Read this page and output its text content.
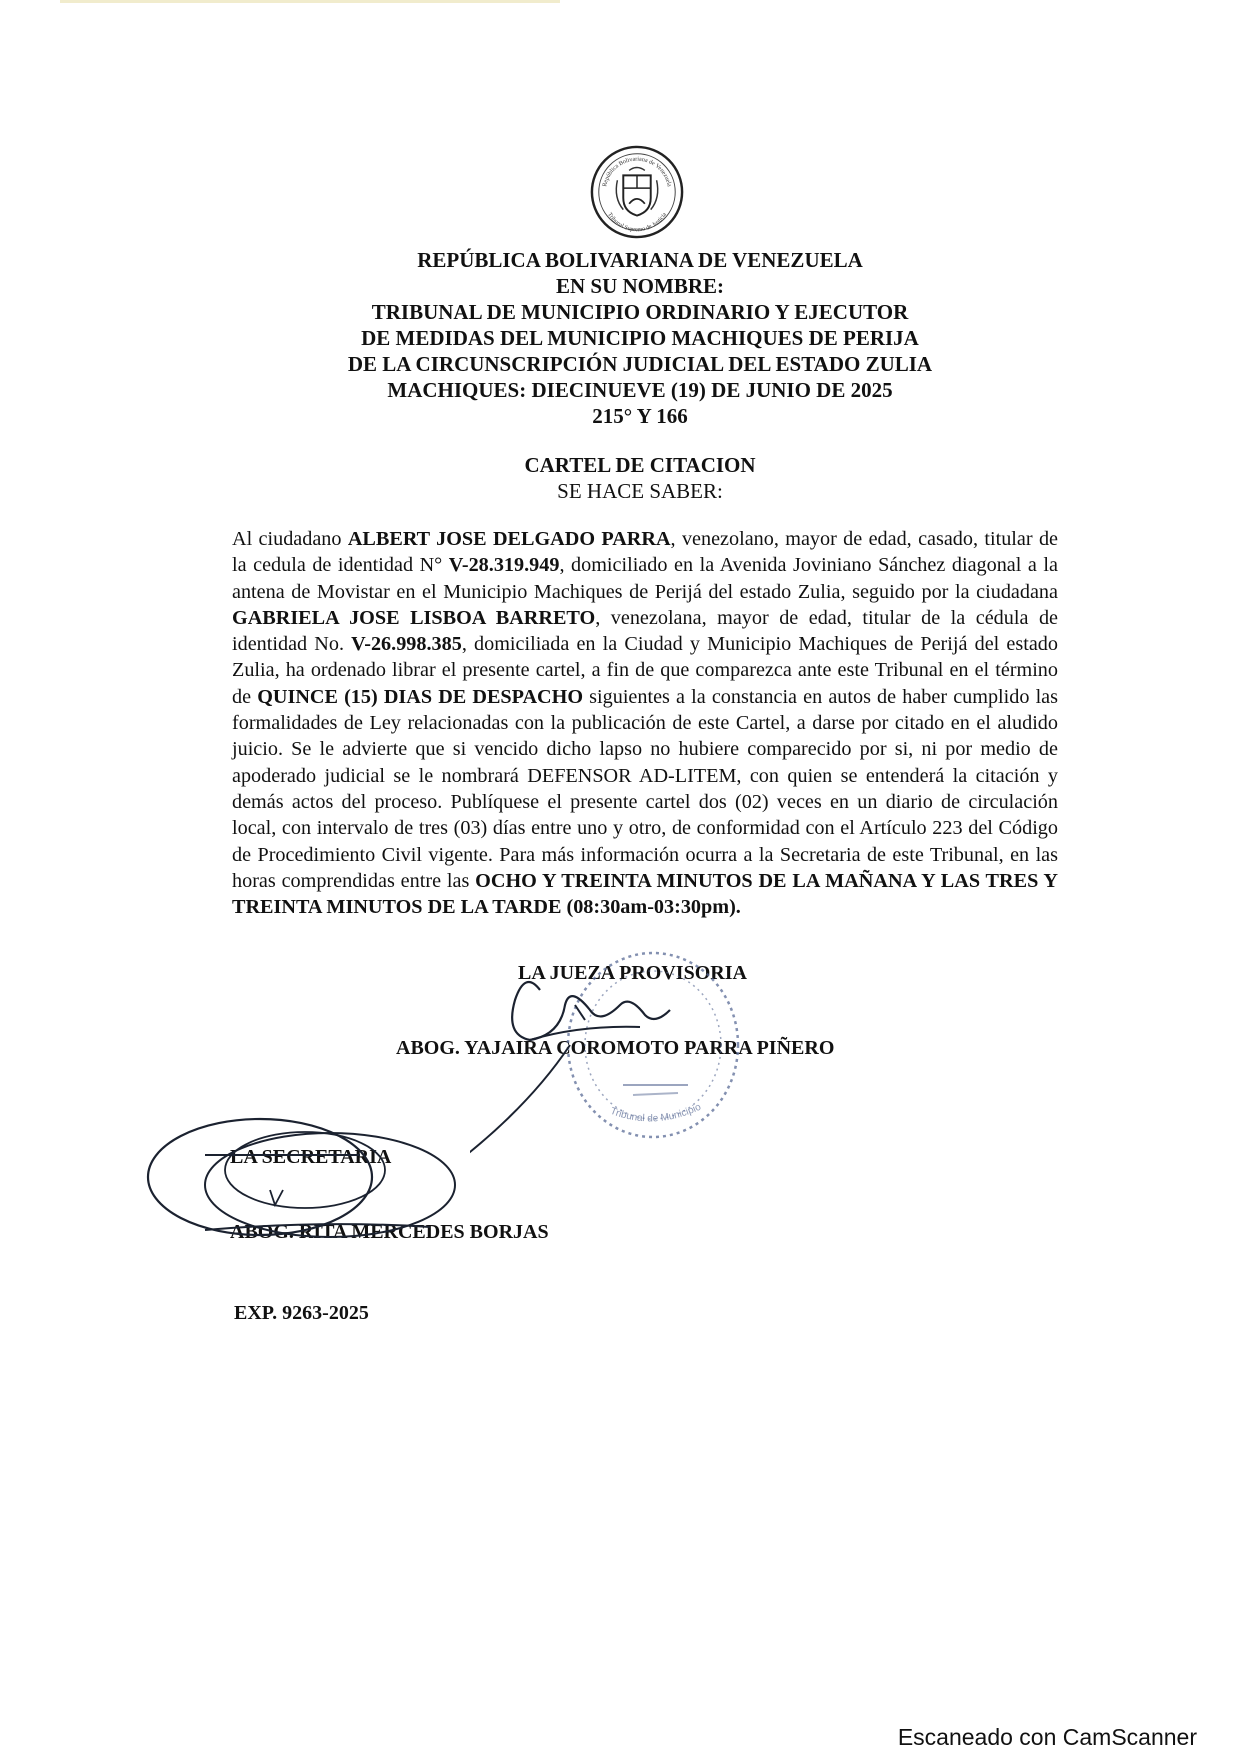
República Bolivariana de Venezuela
Tribunal Supremo de Justicia
REPÚBLICA BOLIVARIANA DE VENEZUELA
EN SU NOMBRE:
TRIBUNAL DE MUNICIPIO ORDINARIO Y EJECUTOR
DE MEDIDAS DEL MUNICIPIO MACHIQUES DE PERIJA
DE LA CIRCUNSCRIPCIÓN JUDICIAL DEL ESTADO ZULIA
MACHIQUES: DIECINUEVE (19) DE JUNIO DE 2025
215° Y 166
CARTEL DE CITACION
SE HACE SABER:
Al ciudadano ALBERT JOSE DELGADO PARRA, venezolano, mayor de edad, casado, titular de la cedula de identidad N° V-28.319.949, domiciliado en la Avenida Joviniano Sánchez diagonal a la antena de Movistar en el Municipio Machiques de Perijá del estado Zulia, seguido por la ciudadana GABRIELA JOSE LISBOA BARRETO, venezolana, mayor de edad, titular de la cédula de identidad No. V-26.998.385, domiciliada en la Ciudad y Municipio Machiques de Perijá del estado Zulia, ha ordenado librar el presente cartel, a fin de que comparezca ante este Tribunal en el término de QUINCE (15) DIAS DE DESPACHO siguientes a la constancia en autos de haber cumplido las formalidades de Ley relacionadas con la publicación de este Cartel, a darse por citado en el aludido juicio. Se le advierte que si vencido dicho lapso no hubiere comparecido por si, ni por medio de apoderado judicial se le nombrará DEFENSOR AD-LITEM, con quien se entenderá la citación y demás actos del proceso. Publíquese el presente cartel dos (02) veces en un diario de circulación local, con intervalo de tres (03) días entre uno y otro, de conformidad con el Artículo 223 del Código de Procedimiento Civil vigente. Para más información ocurra a la Secretaria de este Tribunal, en las horas comprendidas entre las OCHO Y TREINTA MINUTOS DE LA MAÑANA Y LAS TRES Y TREINTA MINUTOS DE LA TARDE (08:30am-03:30pm).
LA JUEZA PROVISORIA
ABOG. YAJAIRA COROMOTO PARRA PIÑERO
LA SECRETARIA
ABOG. RITA MERCEDES BORJAS
EXP. 9263-2025
Tribunal de Municipio
Escaneado con CamScanner
